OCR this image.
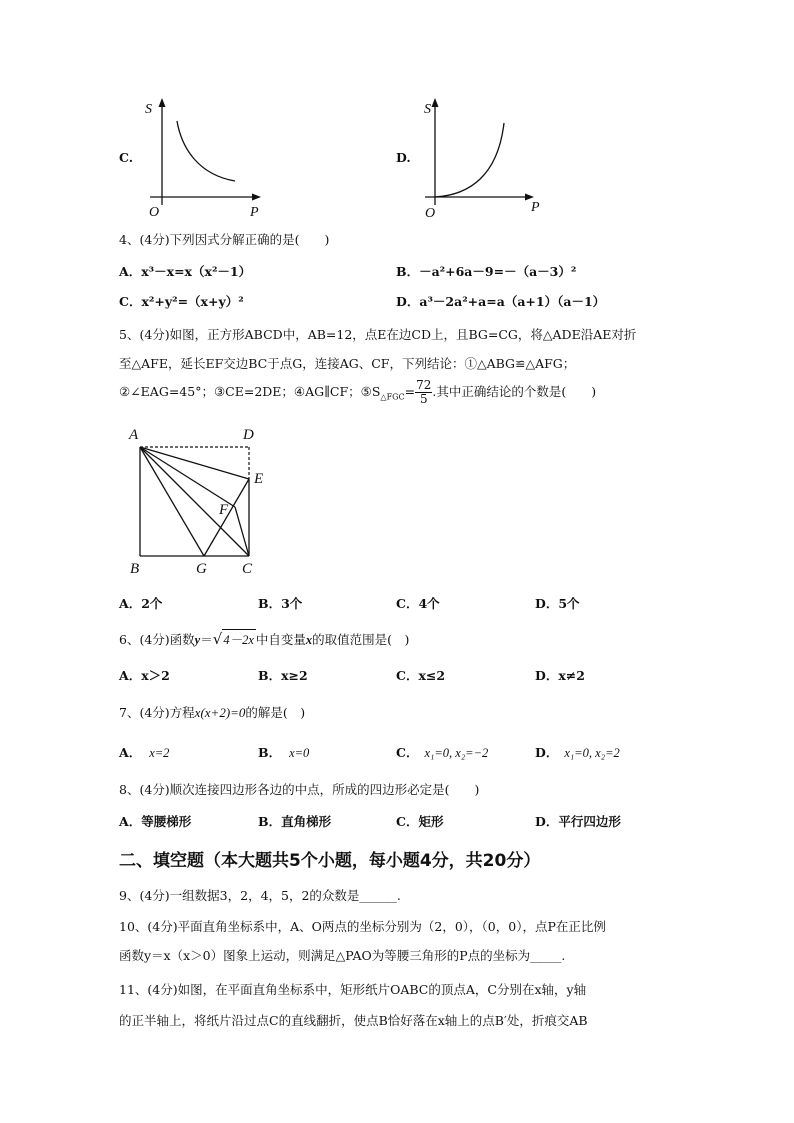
C.
S
O	P
D.
S
O	P
4、(4分)下列因式分解正确的是(　　)
A．x³－x=x（x²－1）	B．－a²+6a－9=－（a－3）²
C．x²+y²=（x+y）²	D．a³－2a²+a=a（a+1）（a－1）
5、(4分)如图，正方形ABCD中，AB=12，点E在边CD上，且BG=CG，将△ADE沿AE对折
至△AFE，延长EF交边BC于点G，连接AG、CF，下列结论：①△ABG≌△AFG；
②∠EAG=45°；③CE=2DE；④AG∥CF；$⑤S_{\triangle FGC}= \frac{72}{5}$ .其中正确结论的个数是(　　)
A	D
E
F
B	G C
A．2个	B．3个	C．4个	D．5个
6、(4分)函数y＝√4－2x 中自变量x的取值范围是(　)
A．x＞2	B．x≥2	C．x≤2	D．x≠2
7、(4分)方程x(x+2)=0的解是(　)
A． x=2	B． x=0	C． x₁=0, x₂=−2	D． x₁=0, x₂=2
8、(4分)顺次连接四边形各边的中点，所成的四边形必定是(　　)
A．等腰梯形	B．直角梯形	C．矩形	D．平行四边形
二、填空题（本大题共5个小题，每小题4分，共20分）
9、(4分)一组数据3，2，4，5，2的众数是______.
10、(4分)平面直角坐标系中，A、O两点的坐标分别为（2，0），（0，0），点P在正比例
函数y＝x（x＞0）图象上运动，则满足△PAO为等腰三角形的P点的坐标为_____.
11、(4分)如图，在平面直角坐标系中，矩形纸片OABC的顶点A，C分别在x轴，y轴
的正半轴上，将纸片沿过点C的直线翻折，使点B恰好落在x轴上的点B′处，折痕交AB
